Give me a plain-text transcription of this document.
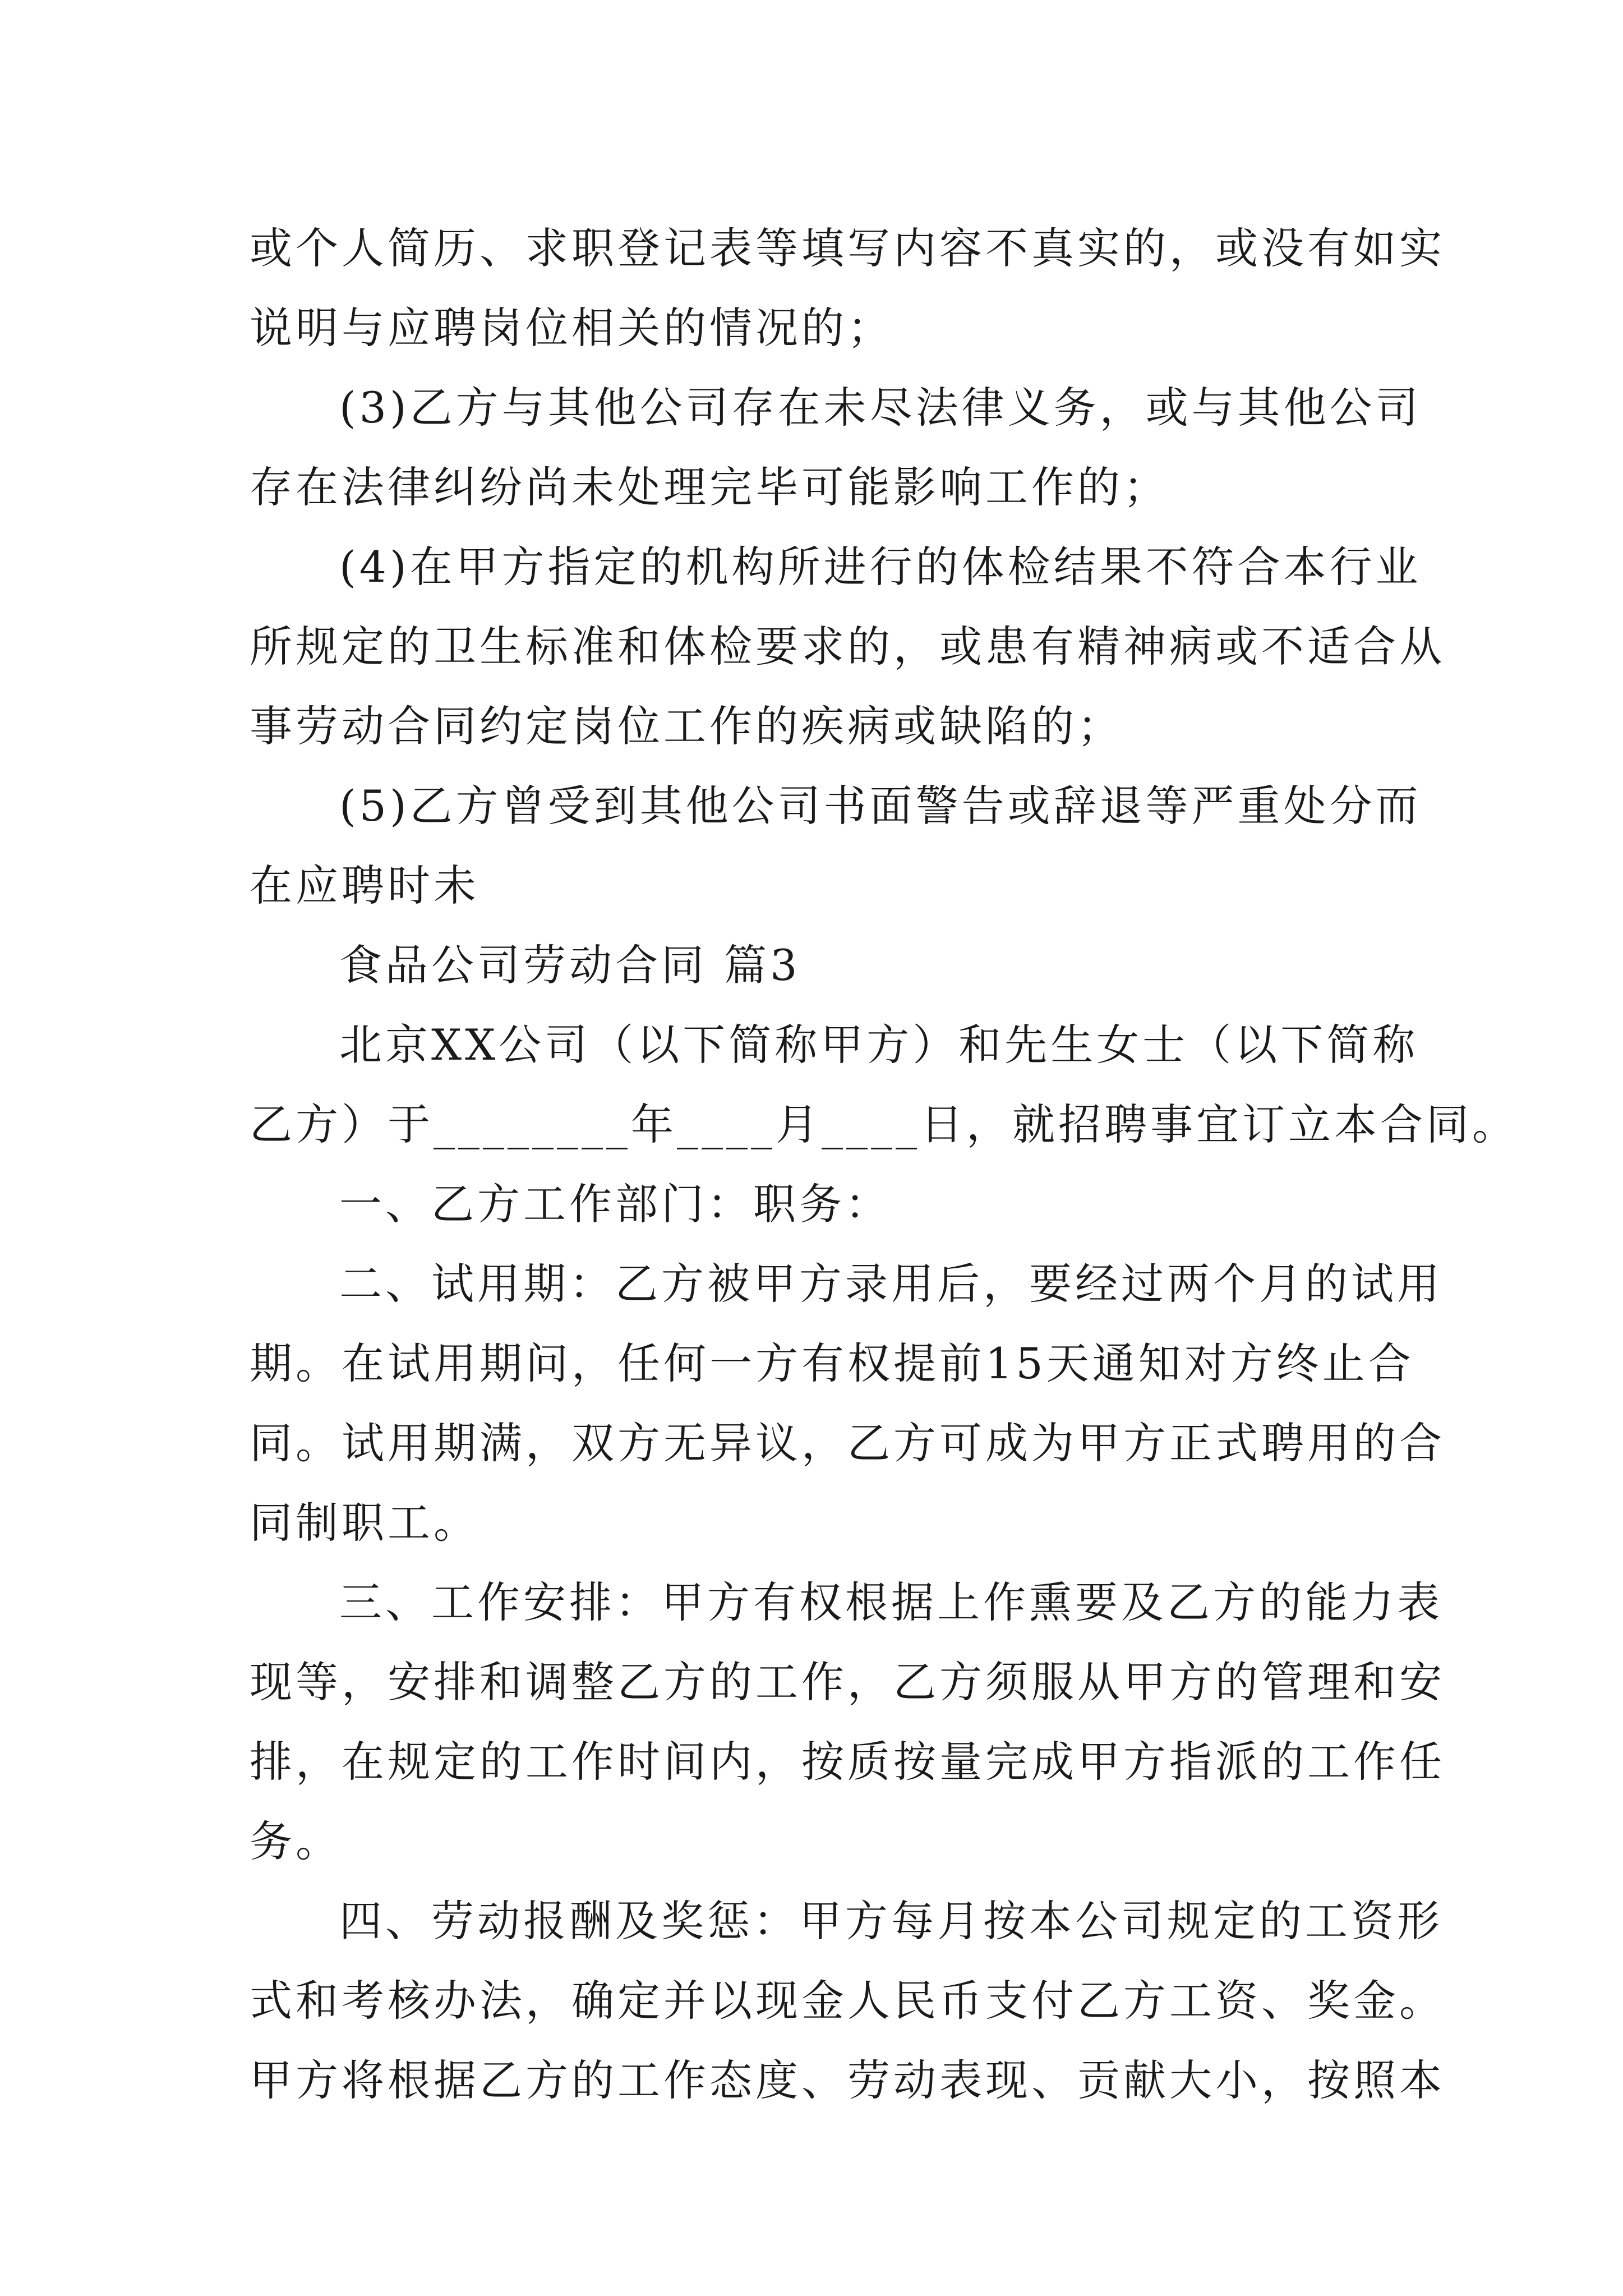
或个人简历、求职登记表等填写内容不真实的，或没有如实
说明与应聘岗位相关的情况的；
(3)乙方与其他公司存在未尽法律义务，或与其他公司
存在法律纠纷尚未处理完毕可能影响工作的；
(4)在甲方指定的机构所进行的体检结果不符合本行业
所规定的卫生标准和体检要求的，或患有精神病或不适合从
事劳动合同约定岗位工作的疾病或缺陷的；
(5)乙方曾受到其他公司书面警告或辞退等严重处分而
在应聘时未
食品公司劳动合同 篇3
北京XX公司（以下简称甲方）和先生女士（以下简称
乙方）于________年____月____日，就招聘事宜订立本合同。
一、乙方工作部门：职务：
二、试用期：乙方被甲方录用后，要经过两个月的试用
期。在试用期问，任何一方有权提前15天通知对方终止合
同。试用期满，双方无异议，乙方可成为甲方正式聘用的合
同制职工。
三、工作安排：甲方有权根据上作熏要及乙方的能力表
现等，安排和调整乙方的工作，乙方须服从甲方的管理和安
排，在规定的工作时间内，按质按量完成甲方指派的工作任
务。
四、劳动报酬及奖惩：甲方每月按本公司规定的工资形
式和考核办法，确定并以现金人民币支付乙方工资、奖金。
甲方将根据乙方的工作态度、劳动表现、贡献大小，按照本
